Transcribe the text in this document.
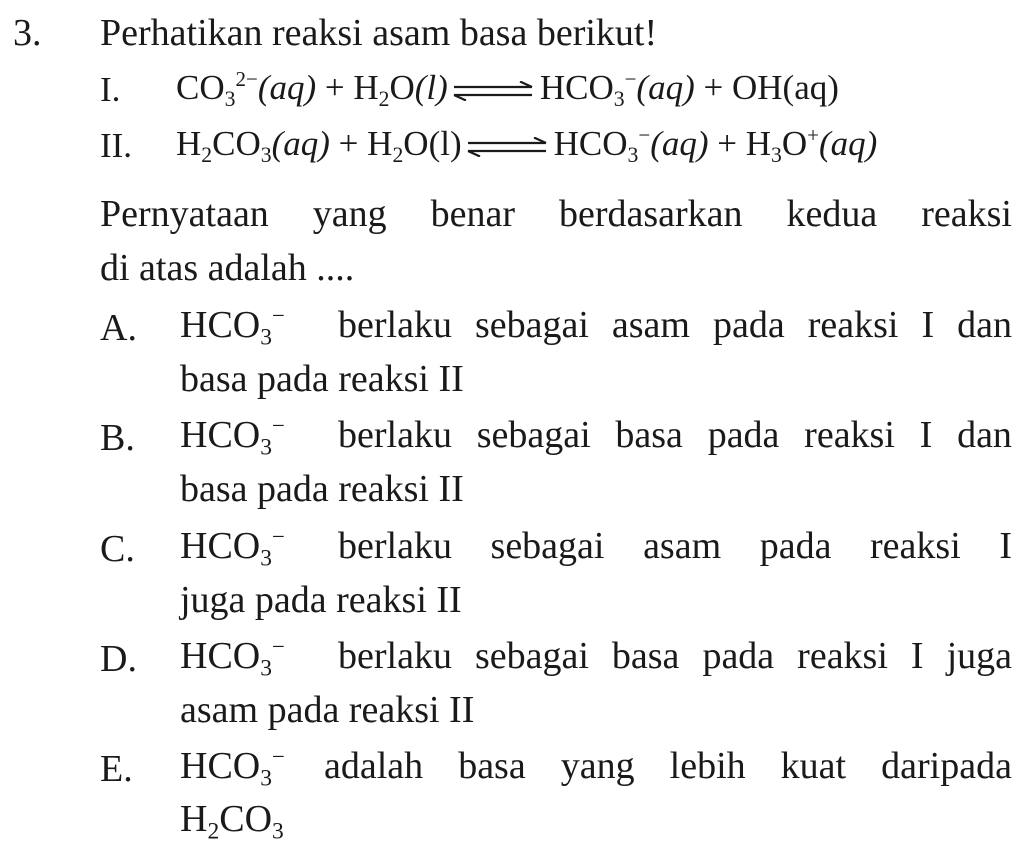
3. Perhatikan reaksi asam basa berikut!
I. $CO_3^{2-}(aq) + H_2O(l)$ ⇌ $HCO_3^-(aq) + OH(aq)$
II. $H_2CO_3(aq) + H_2O(l)$ ⇌ $HCO_3^-(aq) + H_3O^+(aq)$
Pernyataan yang benar berdasarkan kedua reaksi
di atas adalah ....
A. $HCO_3^-$ berlaku sebagai asam pada reaksi I dan
basa pada reaksi II
B. $HCO_3^-$ berlaku sebagai basa pada reaksi I dan
basa pada reaksi II
C. $HCO_3^-$ berlaku sebagai asam pada reaksi I
juga pada reaksi II
D. $HCO_3^-$ berlaku sebagai basa pada reaksi I juga
asam pada reaksi II
E. $HCO_3^-$ adalah basa yang lebih kuat daripada
$H_2CO_3$
